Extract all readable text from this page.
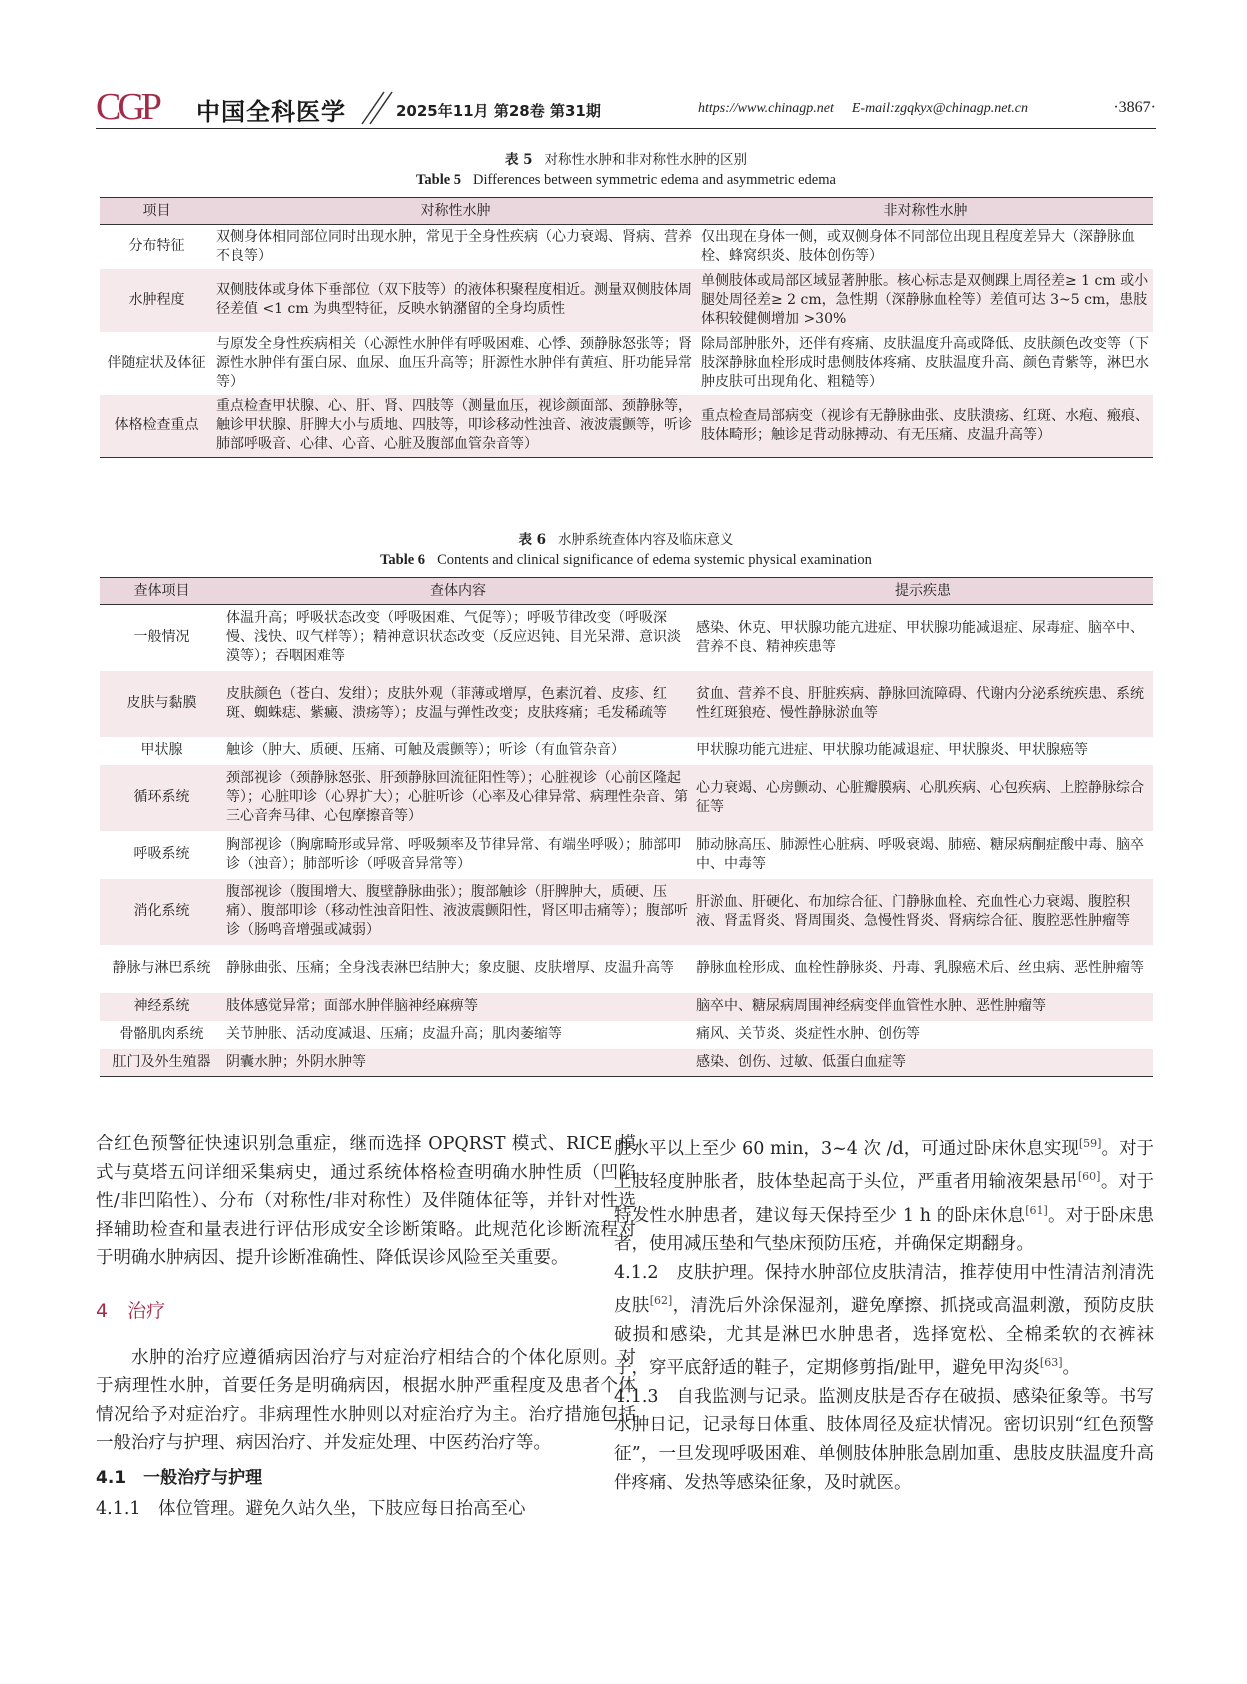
CGP 中国全科医学	2025年11月 第28卷 第31期	https://www.chinagp.net E-mail:zgqkyx@chinagp.net.cn	·3867·
表 5 对称性水肿和非对称性水肿的区别
Table 5 Differences between symmetric edema and asymmetric edema
项目	对称性水肿	非对称性水肿
分布特征	双侧身体相同部位同时出现水肿，常见于全身性疾病（心力衰竭、肾病、营养不良等）	仅出现在身体一侧，或双侧身体不同部位出现且程度差异大（深静脉血栓、蜂窝织炎、肢体创伤等）
水肿程度	双侧肢体或身体下垂部位（双下肢等）的液体积聚程度相近。测量双侧肢体周径差值 <1 cm 为典型特征，反映水钠潴留的全身均质性	单侧肢体或局部区域显著肿胀。核心标志是双侧踝上周径差≥ 1 cm 或小腿处周径差≥ 2 cm，急性期（深静脉血栓等）差值可达 3~5 cm，患肢体积较健侧增加 >30%
伴随症状及体征	与原发全身性疾病相关（心源性水肿伴有呼吸困难、心悸、颈静脉怒张等；肾源性水肿伴有蛋白尿、血尿、血压升高等；肝源性水肿伴有黄疸、肝功能异常等）	除局部肿胀外，还伴有疼痛、皮肤温度升高或降低、皮肤颜色改变等（下肢深静脉血栓形成时患侧肢体疼痛、皮肤温度升高、颜色青紫等，淋巴水肿皮肤可出现角化、粗糙等）
体格检查重点	重点检查甲状腺、心、肝、肾、四肢等（测量血压，视诊颜面部、颈静脉等，触诊甲状腺、肝脾大小与质地、四肢等，叩诊移动性浊音、液波震颤等，听诊肺部呼吸音、心律、心音、心脏及腹部血管杂音等）	重点检查局部病变（视诊有无静脉曲张、皮肤溃疡、红斑、水疱、瘢痕、肢体畸形；触诊足背动脉搏动、有无压痛、皮温升高等）
表 6 水肿系统查体内容及临床意义
Table 6 Contents and clinical significance of edema systemic physical examination
查体项目	查体内容	提示疾患
一般情况	体温升高；呼吸状态改变（呼吸困难、气促等）；呼吸节律改变（呼吸深慢、浅快、叹气样等）；精神意识状态改变（反应迟钝、目光呆滞、意识淡漠等）；吞咽困难等	感染、休克、甲状腺功能亢进症、甲状腺功能减退症、尿毒症、脑卒中、营养不良、精神疾患等
皮肤与黏膜	皮肤颜色（苍白、发绀）；皮肤外观（菲薄或增厚，色素沉着、皮疹、红斑、蜘蛛痣、紫癜、溃疡等）；皮温与弹性改变；皮肤疼痛；毛发稀疏等	贫血、营养不良、肝脏疾病、静脉回流障碍、代谢内分泌系统疾患、系统性红斑狼疮、慢性静脉淤血等
甲状腺	触诊（肿大、质硬、压痛、可触及震颤等）；听诊（有血管杂音）	甲状腺功能亢进症、甲状腺功能减退症、甲状腺炎、甲状腺癌等
循环系统	颈部视诊（颈静脉怒张、肝颈静脉回流征阳性等）；心脏视诊（心前区隆起等）；心脏叩诊（心界扩大）；心脏听诊（心率及心律异常、病理性杂音、第三心音奔马律、心包摩擦音等）	心力衰竭、心房颤动、心脏瓣膜病、心肌疾病、心包疾病、上腔静脉综合征等
呼吸系统	胸部视诊（胸廓畸形或异常、呼吸频率及节律异常、有端坐呼吸）；肺部叩诊（浊音）；肺部听诊（呼吸音异常等）	肺动脉高压、肺源性心脏病、呼吸衰竭、肺癌、糖尿病酮症酸中毒、脑卒中、中毒等
消化系统	腹部视诊（腹围增大、腹壁静脉曲张）；腹部触诊（肝脾肿大，质硬、压痛）、腹部叩诊（移动性浊音阳性、液波震颤阳性，肾区叩击痛等）；腹部听诊（肠鸣音增强或减弱）	肝淤血、肝硬化、布加综合征、门静脉血栓、充血性心力衰竭、腹腔积液、肾盂肾炎、肾周围炎、急慢性肾炎、肾病综合征、腹腔恶性肿瘤等
静脉与淋巴系统	静脉曲张、压痛；全身浅表淋巴结肿大；象皮腿、皮肤增厚、皮温升高等	静脉血栓形成、血栓性静脉炎、丹毒、乳腺癌术后、丝虫病、恶性肿瘤等
神经系统	肢体感觉异常；面部水肿伴脑神经麻痹等	脑卒中、糖尿病周围神经病变伴血管性水肿、恶性肿瘤等
骨骼肌肉系统	关节肿胀、活动度减退、压痛；皮温升高；肌肉萎缩等	痛风、关节炎、炎症性水肿、创伤等
肛门及外生殖器	阴囊水肿；外阴水肿等	感染、创伤、过敏、低蛋白血症等

合红色预警征快速识别急重症，继而选择 OPQRST 模式、RICE 模式与莫塔五问详细采集病史，通过系统体格检查明确水肿性质（凹陷性/非凹陷性）、分布（对称性/非对称性）及伴随体征等，并针对性选择辅助检查和量表进行评估形成安全诊断策略。此规范化诊断流程对于明确水肿病因、提升诊断准确性、降低误诊风险至关重要。

4　治疗

水肿的治疗应遵循病因治疗与对症治疗相结合的个体化原则。对于病理性水肿，首要任务是明确病因，根据水肿严重程度及患者个体情况给予对症治疗。非病理性水肿则以对症治疗为主。治疗措施包括一般治疗与护理、病因治疗、并发症处理、中医药治疗等。

4.1　一般治疗与护理

4.1.1　体位管理。避免久站久坐，下肢应每日抬高至心

脏水平以上至少 60 min，3~4 次 /d，可通过卧床休息实现[59]。对于上肢轻度肿胀者，肢体垫起高于头位，严重者用输液架悬吊[60]。对于特发性水肿患者，建议每天保持至少 1 h 的卧床休息[61]。对于卧床患者，使用减压垫和气垫床预防压疮，并确保定期翻身。

4.1.2　皮肤护理。保持水肿部位皮肤清洁，推荐使用中性清洁剂清洗皮肤[62]，清洗后外涂保湿剂，避免摩擦、抓挠或高温刺激，预防皮肤破损和感染，尤其是淋巴水肿患者，选择宽松、全棉柔软的衣裤袜子，穿平底舒适的鞋子，定期修剪指/趾甲，避免甲沟炎[63]。

4.1.3　自我监测与记录。监测皮肤是否存在破损、感染征象等。书写水肿日记，记录每日体重、肢体周径及症状情况。密切识别“红色预警征”，一旦发现呼吸困难、单侧肢体肿胀急剧加重、患肢皮肤温度升高伴疼痛、发热等感染征象，及时就医。
